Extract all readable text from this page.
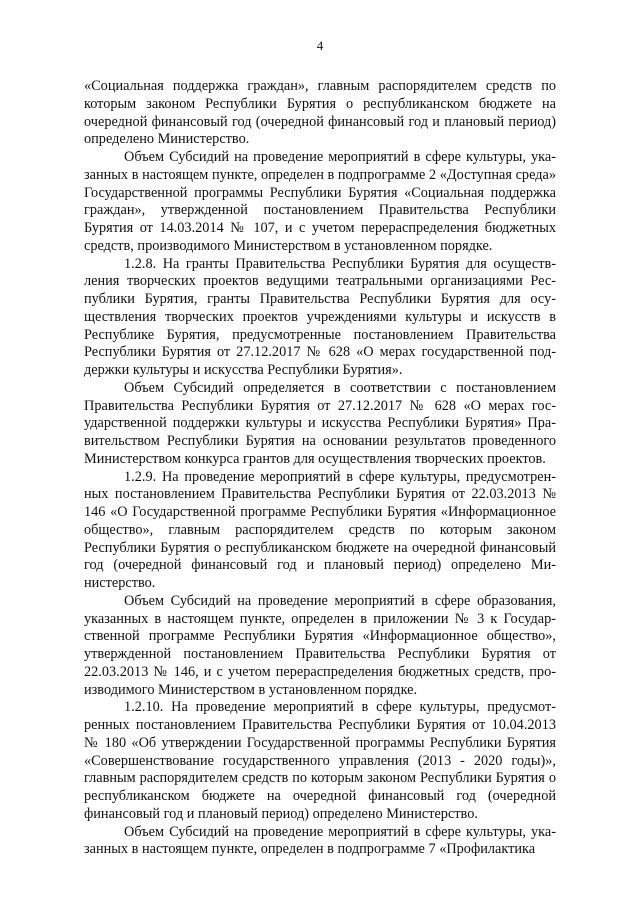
4

«Социальная поддержка граждан», главным распорядителем средств по которым законом Республики Бурятия о республиканском бюджете на очередной финансовый год (очередной финансовый год и плановый период) определено Министерство.

Объем Субсидий на проведение мероприятий в сфере культуры, указанных в настоящем пункте, определен в подпрограмме 2 «Доступная среда» Государственной программы Республики Бурятия «Социальная поддержка граждан», утвержденной постановлением Правительства Республики Бурятия от 14.03.2014 № 107, и с учетом перераспределения бюджетных средств, производимого Министерством в установленном порядке.

1.2.8. На гранты Правительства Республики Бурятия для осуществления творческих проектов ведущими театральными организациями Республики Бурятия, гранты Правительства Республики Бурятия для осуществления творческих проектов учреждениями культуры и искусств в Республике Бурятия, предусмотренные постановлением Правительства Республики Бурятия от 27.12.2017 № 628 «О мерах государственной поддержки культуры и искусства Республики Бурятия».

Объем Субсидий определяется в соответствии с постановлением Правительства Республики Бурятия от 27.12.2017 № 628 «О мерах государственной поддержки культуры и искусства Республики Бурятия» Правительством Республики Бурятия на основании результатов проведенного Министерством конкурса грантов для осуществления творческих проектов.

1.2.9. На проведение мероприятий в сфере культуры, предусмотренных постановлением Правительства Республики Бурятия от 22.03.2013 № 146 «О Государственной программе Республики Бурятия «Информационное общество», главным распорядителем средств по которым законом Республики Бурятия о республиканском бюджете на очередной финансовый год (очередной финансовый год и плановый период) определено Министерство.

Объем Субсидий на проведение мероприятий в сфере образования, указанных в настоящем пункте, определен в приложении № 3 к Государственной программе Республики Бурятия «Информационное общество», утвержденной постановлением Правительства Республики Бурятия от 22.03.2013 № 146, и с учетом перераспределения бюджетных средств, производимого Министерством в установленном порядке.

1.2.10. На проведение мероприятий в сфере культуры, предусмотренных постановлением Правительства Республики Бурятия от 10.04.2013 № 180 «Об утверждении Государственной программы Республики Бурятия «Совершенствование государственного управления (2013 - 2020 годы)», главным распорядителем средств по которым законом Республики Бурятия о республиканском бюджете на очередной финансовый год (очередной финансовый год и плановый период) определено Министерство.

Объем Субсидий на проведение мероприятий в сфере культуры, указанных в настоящем пункте, определен в подпрограмме 7 «Профилактика
